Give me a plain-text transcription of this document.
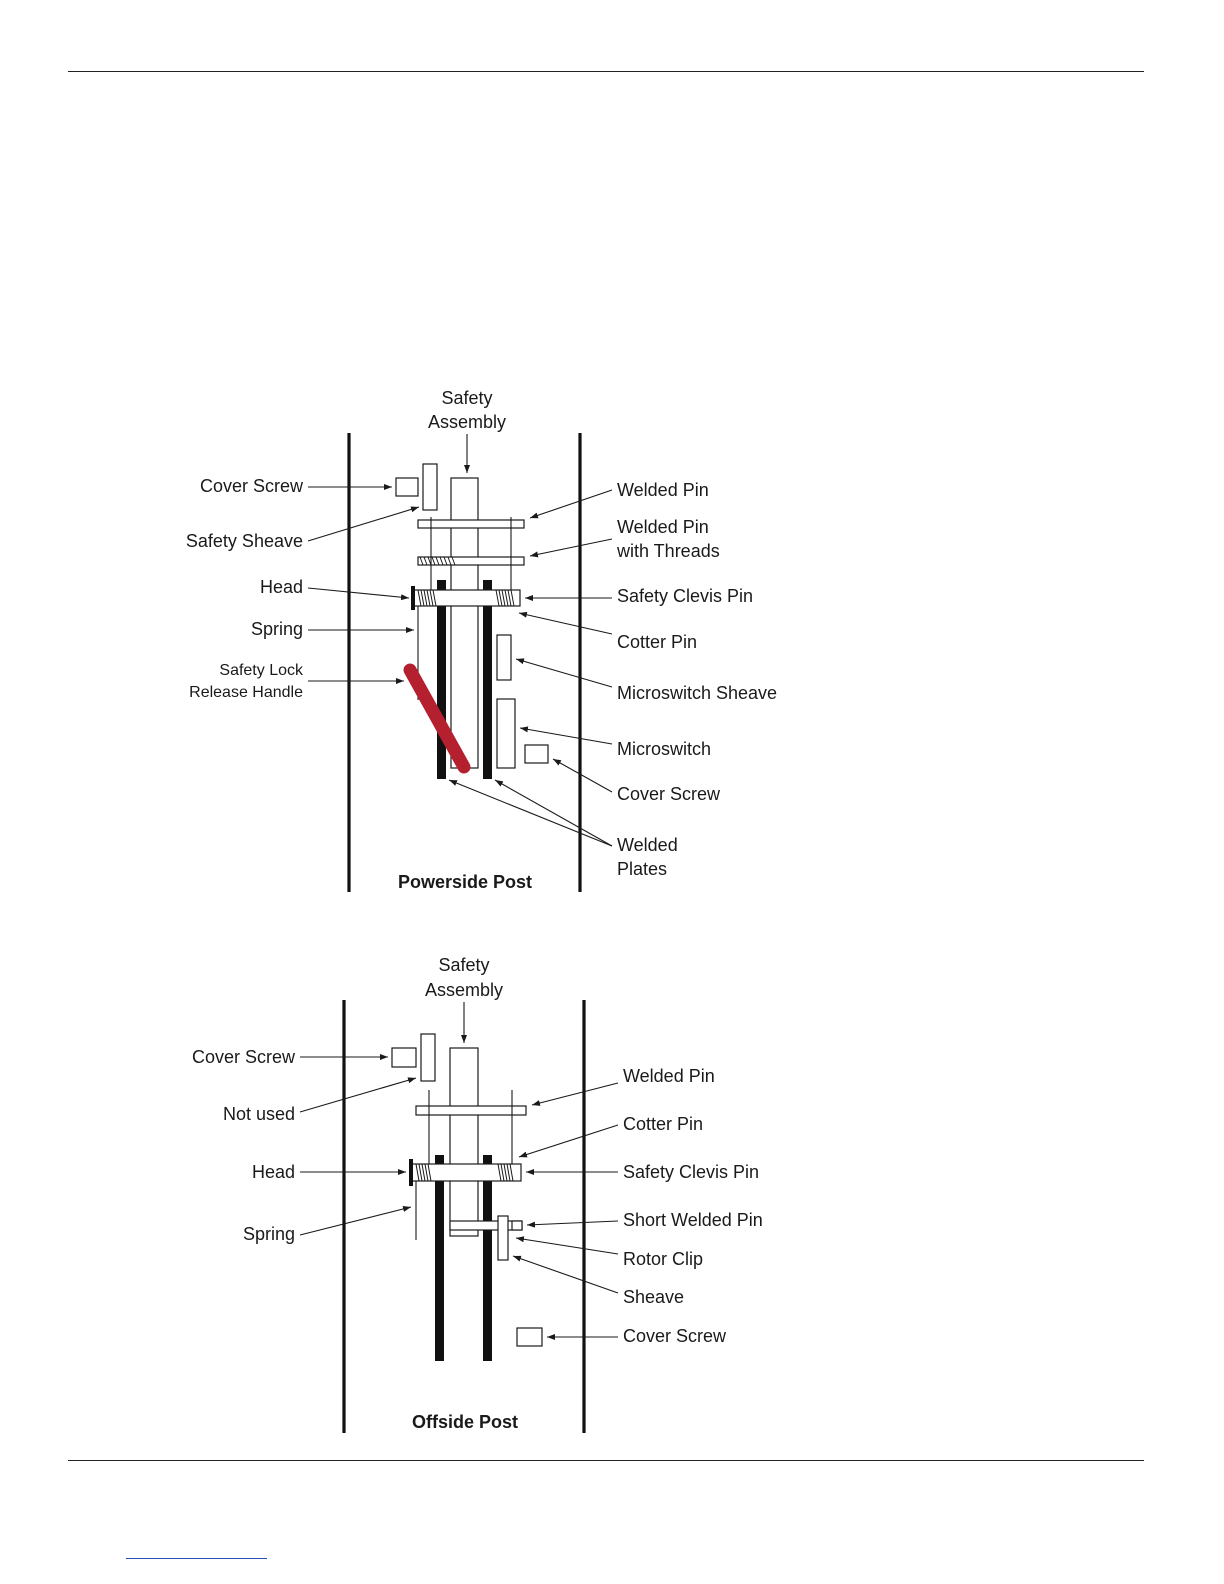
Safety
Assembly
Cover Screw
Safety Sheave
Head
Spring
Safety Lock
Release Handle
Welded Pin
Welded Pin
with Threads
Safety Clevis Pin
Cotter Pin
Microswitch Sheave
Microswitch
Cover Screw
Welded
Plates
Powerside Post
Safety
Assembly
Cover Screw
Not used
Head
Spring
Welded Pin
Cotter Pin
Safety Clevis Pin
Short Welded Pin
Rotor Clip
Sheave
Cover Screw
Offside Post
